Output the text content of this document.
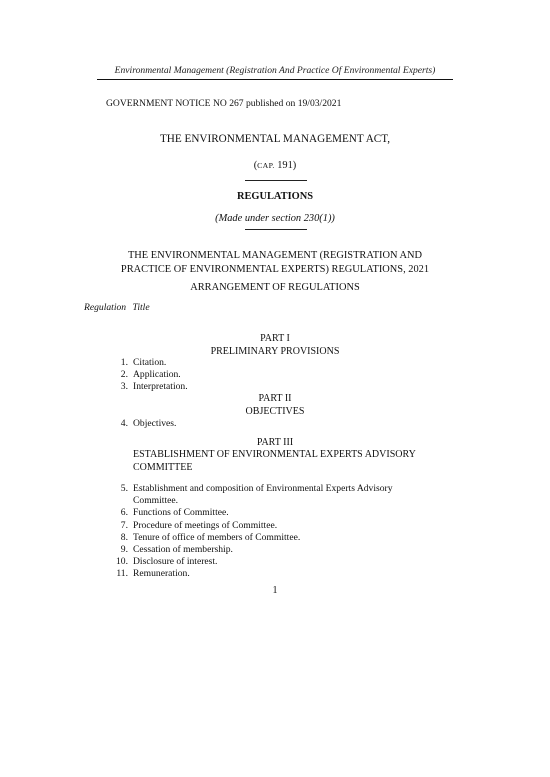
Environmental Management (Registration And Practice Of Environmental Experts)
GOVERNMENT NOTICE NO 267 published on 19/03/2021
THE ENVIRONMENTAL MANAGEMENT ACT,
(CAP. 191)
REGULATIONS
(Made under section 230(1))
THE ENVIRONMENTAL MANAGEMENT (REGISTRATION AND
PRACTICE OF ENVIRONMENTAL EXPERTS) REGULATIONS, 2021
ARRANGEMENT OF REGULATIONS
Regulation Title
PART I
PRELIMINARY PROVISIONS
1. Citation.
2. Application.
3. Interpretation.
PART II
OBJECTIVES
4. Objectives.
PART III
ESTABLISHMENT OF ENVIRONMENTAL EXPERTS ADVISORY
COMMITTEE
5. Establishment and composition of Environmental Experts Advisory
Committee.
6. Functions of Committee.
7. Procedure of meetings of Committee.
8. Tenure of office of members of Committee.
9. Cessation of membership.
10. Disclosure of interest.
11. Remuneration.
1
